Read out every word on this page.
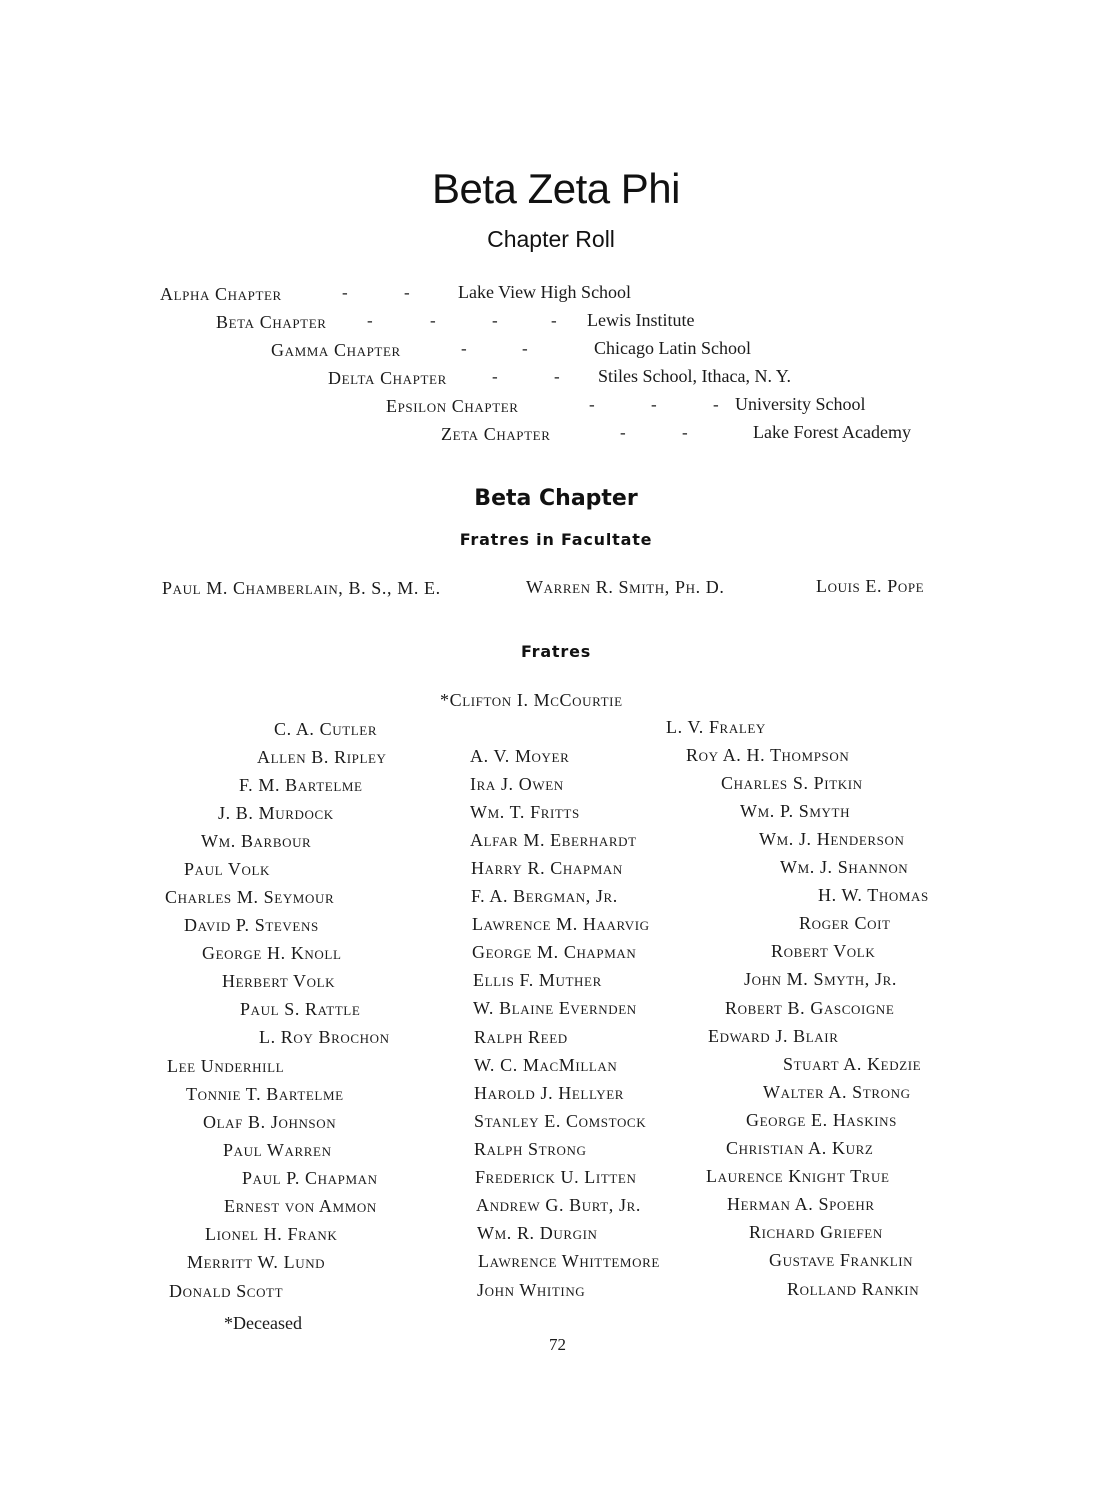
Beta Zeta Phi
Chapter Roll
Alpha Chapter	-	-	Lake View High School
Beta Chapter -	-	-	- Lewis Institute
Gamma Chapter	-	-	Chicago Latin School
Delta Chapter	-	- Stiles School, Ithaca, N. Y.
Epsilon Chapter	-	-	- University School
Zeta Chapter	-	-	Lake Forest Academy
Beta Chapter
Fratres in Facultate
Paul M. Chamberlain, B. S., M. E.	Warren R. Smith, Ph. D.	Louis E. Pope
Fratres
*Clifton I. McCourtie
C. A. Cutler
Allen B. Ripley
F. M. Bartelme
J. B. Murdock
Wm. Barbour
Paul Volk
Charles M. Seymour
David P. Stevens
George H. Knoll
Herbert Volk
Paul S. Rattle
L. Roy Brochon
Lee Underhill
Tonnie T. Bartelme
Olaf B. Johnson
Paul Warren
Paul P. Chapman
Ernest von Ammon
Lionel H. Frank
Merritt W. Lund
Donald Scott
A. V. Moyer
Ira J. Owen
Wm. T. Fritts
Alfar M. Eberhardt
Harry R. Chapman
F. A. Bergman, Jr.
Lawrence M. Haarvig
George M. Chapman
Ellis F. Muther
W. Blaine Evernden
Ralph Reed
W. C. MacMillan
Harold J. Hellyer
Stanley E. Comstock
Ralph Strong
Frederick U. Litten
Andrew G. Burt, Jr.
Wm. R. Durgin
Lawrence Whittemore
John Whiting
L. V. Fraley
Roy A. H. Thompson
Charles S. Pitkin
Wm. P. Smyth
Wm. J. Henderson
Wm. J. Shannon
H. W. Thomas
Roger Coit
Robert Volk
John M. Smyth, Jr.
Robert B. Gascoigne
Edward J. Blair
Stuart A. Kedzie
Walter A. Strong
George E. Haskins
Christian A. Kurz
Laurence Knight True
Herman A. Spoehr
Richard Griefen
Gustave Franklin
Rolland Rankin
*Deceased
72
